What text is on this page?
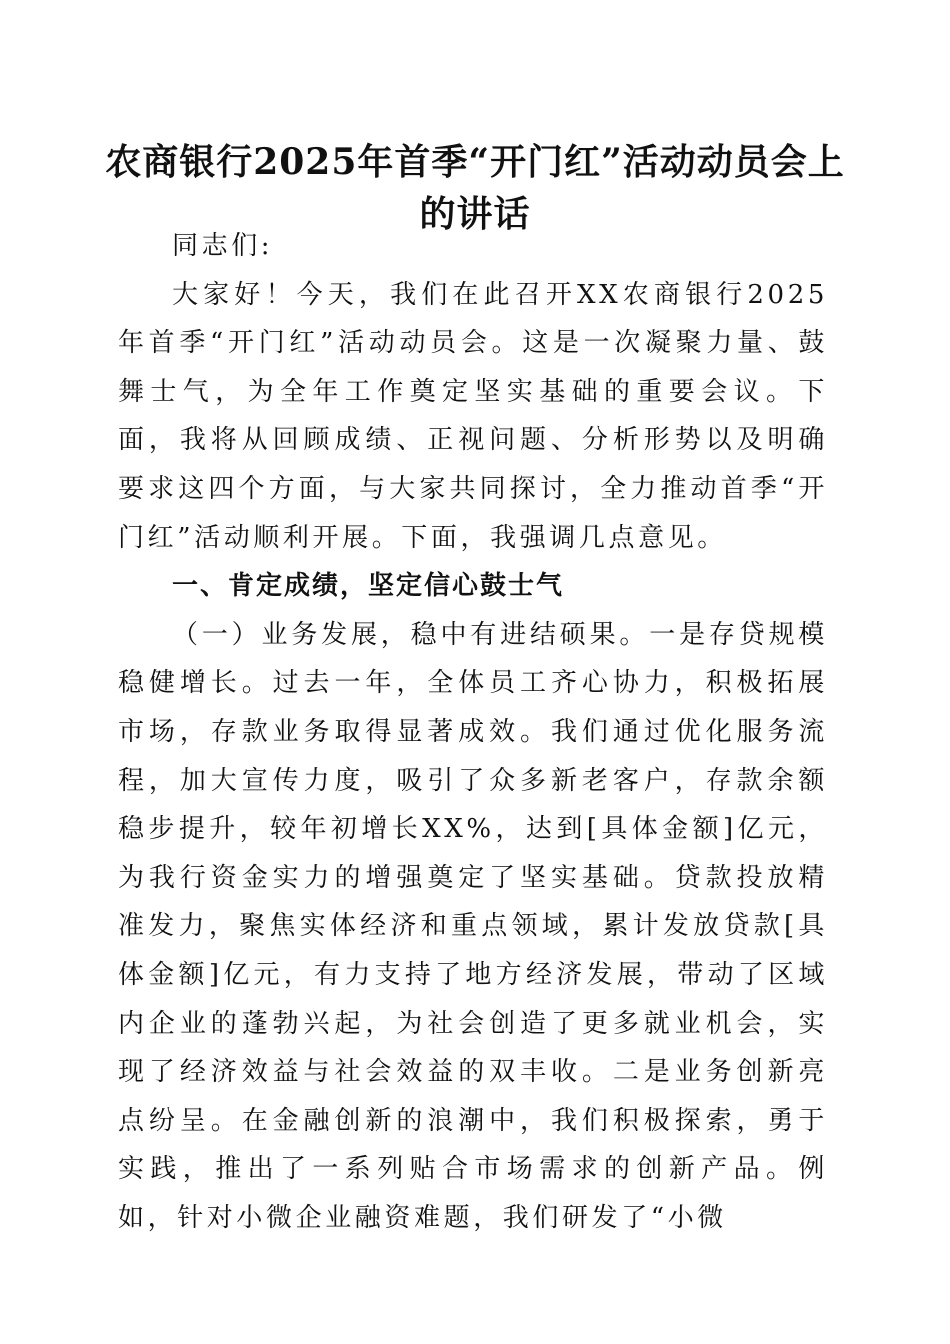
农商银行2025年首季“开门红”活动动员会上的讲话

同志们:

大家好！今天，我们在此召开XX农商银行2025年首季“开门红”活动动员会。这是一次凝聚力量、鼓舞士气，为全年工作奠定坚实基础的重要会议。下面，我将从回顾成绩、正视问题、分析形势以及明确要求这四个方面，与大家共同探讨，全力推动首季“开门红”活动顺利开展。下面，我强调几点意见。

一、肯定成绩，坚定信心鼓士气

（一）业务发展，稳中有进结硕果。一是存贷规模稳健增长。过去一年，全体员工齐心协力，积极拓展市场，存款业务取得显著成效。我们通过优化服务流程，加大宣传力度，吸引了众多新老客户，存款余额稳步提升，较年初增长XX%，达到[具体金额]亿元，为我行资金实力的增强奠定了坚实基础。贷款投放精准发力，聚焦实体经济和重点领域，累计发放贷款[具体金额]亿元，有力支持了地方经济发展，带动了区域内企业的蓬勃兴起，为社会创造了更多就业机会，实现了经济效益与社会效益的双丰收。二是业务创新亮点纷呈。在金融创新的浪潮中，我们积极探索，勇于实践，推出了一系列贴合市场需求的创新产品。例如，针对小微企业融资难题，我们研发了“小微
